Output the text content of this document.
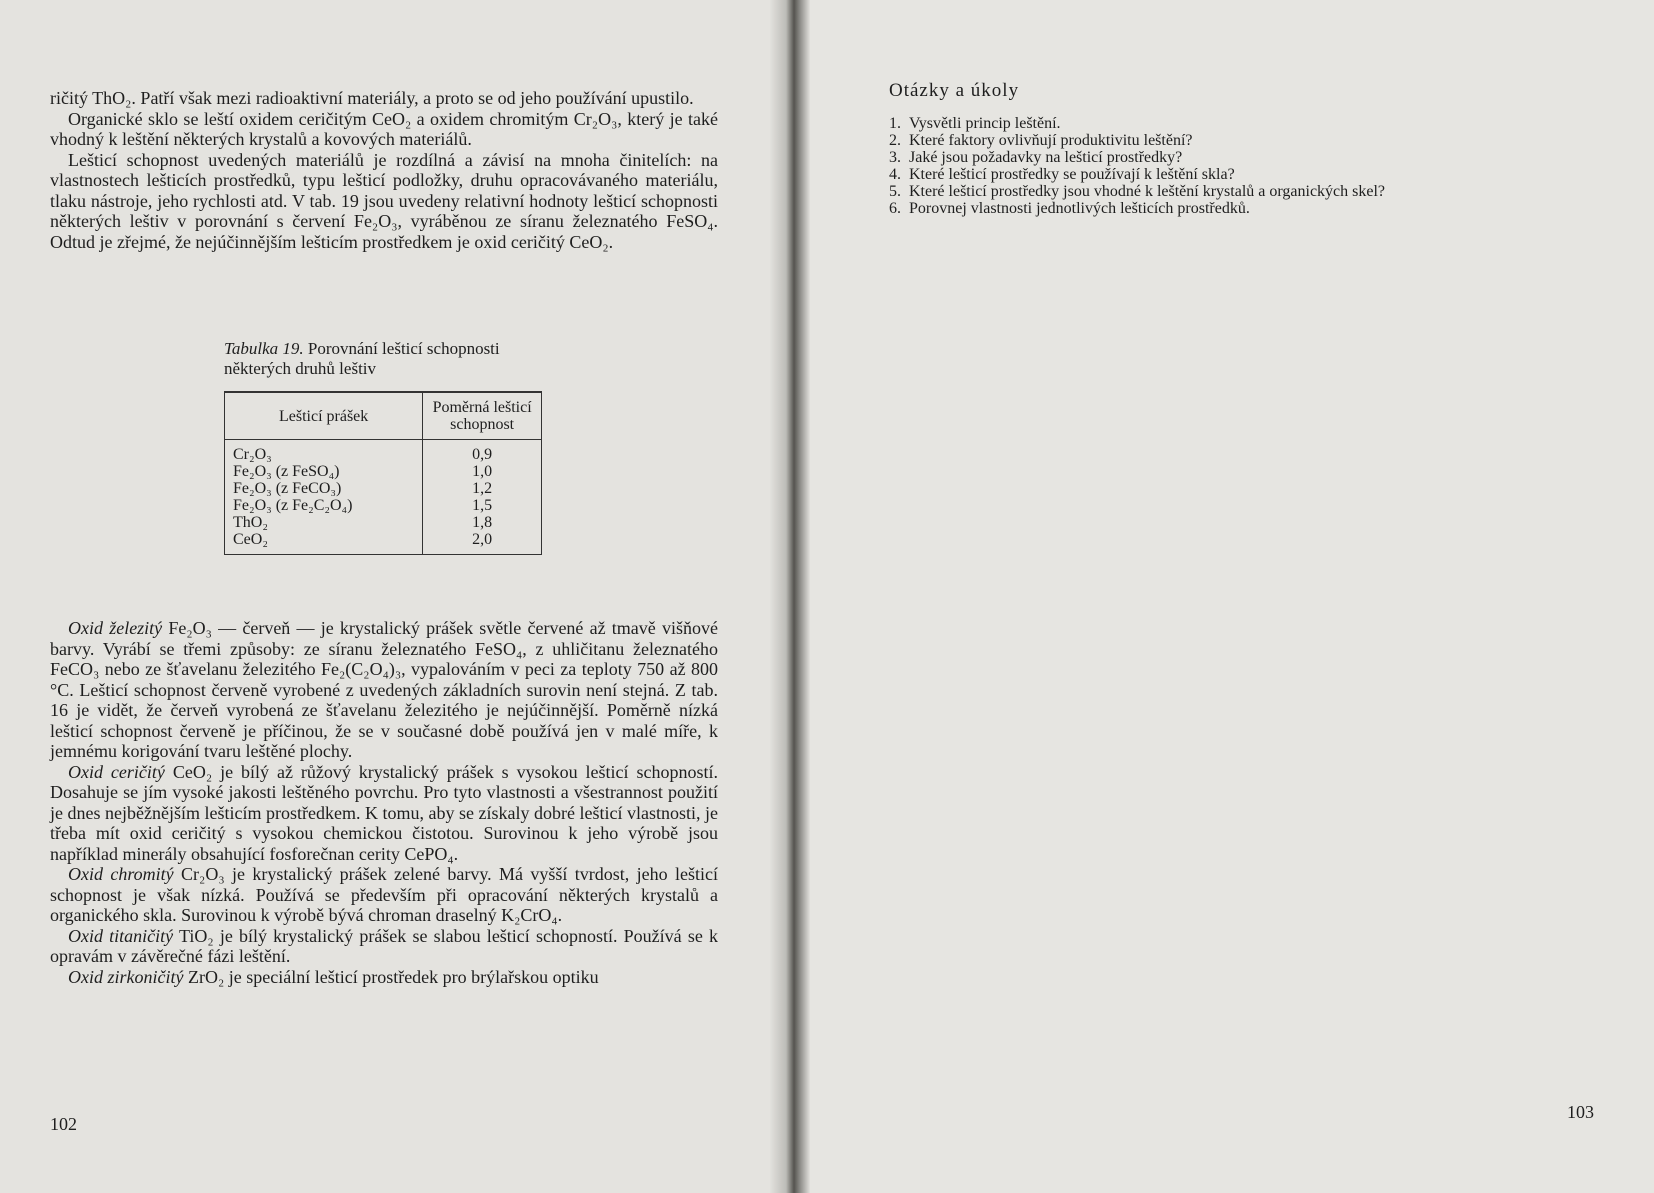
ričitý ThO₂. Patří však mezi radioaktivní materiály, a proto se od jeho používání upustilo.

Organické sklo se leští oxidem ceričitým CeO₂ a oxidem chromitým Cr₂O₃, který je také vhodný k leštění některých krystalů a kovových materiálů.

Lešticí schopnost uvedených materiálů je rozdílná a závisí na mnoha činitelích: na vlastnostech lešticích prostředků, typu lešticí podložky, druhu opracovávaného materiálu, tlaku nástroje, jeho rychlosti atd. V tab. 19 jsou uvedeny relativní hodnoty lešticí schopnosti některých leštiv v porovnání s červení Fe₂O₃, vyráběnou ze síranu železnatého FeSO₄. Odtud je zřejmé, že nejúčinnějším lešticím prostředkem je oxid ceričitý CeO₂.

Tabulka 19. Porovnání lešticí schopnosti některých druhů leštiv
Lešticí prášek	Poměrná lešticí schopnost
Cr₂O₃	0,9
Fe₂O₃ (z FeSO₄)	1,0
Fe₂O₃ (z FeCO₃)	1,2
Fe₂O₃ (z Fe₂C₂O₄)	1,5
ThO₂	1,8
CeO₂	2,0

Oxid železitý Fe₂O₃ — červeň — je krystalický prášek světle červené až tmavě višňové barvy. Vyrábí se třemi způsoby: ze síranu železnatého FeSO₄, z uhličitanu železnatého FeCO₃ nebo ze šťavelanu železitého Fe₂(C₂O₄)₃, vypalováním v peci za teploty 750 až 800 °C. Lešticí schopnost červeně vyrobené z uvedených základních surovin není stejná. Z tab. 16 je vidět, že červeň vyrobená ze šťavelanu železitého je nejúčinnější. Poměrně nízká lešticí schopnost červeně je příčinou, že se v současné době používá jen v malé míře, k jemnému korigování tvaru leštěné plochy.

Oxid ceričitý CeO₂ je bílý až růžový krystalický prášek s vysokou lešticí schopností. Dosahuje se jím vysoké jakosti leštěného povrchu. Pro tyto vlastnosti a všestrannost použití je dnes nejběžnějším lešticím prostředkem. K tomu, aby se získaly dobré lešticí vlastnosti, je třeba mít oxid ceričitý s vysokou chemickou čistotou. Surovinou k jeho výrobě jsou například minerály obsahující fosforečnan cerity CePO₄.

Oxid chromitý Cr₂O₃ je krystalický prášek zelené barvy. Má vyšší tvrdost, jeho lešticí schopnost je však nízká. Používá se především při opracování některých krystalů a organického skla. Surovinou k výrobě bývá chroman draselný K₂CrO₄.

Oxid titaničitý TiO₂ je bílý krystalický prášek se slabou lešticí schopností. Používá se k opravám v závěrečné fázi leštění.

Oxid zirkoničitý ZrO₂ je speciální lešticí prostředek pro brýlařskou optiku

102
Otázky a úkoly
1. Vysvětli princip leštění.
2. Které faktory ovlivňují produktivitu leštění?
3. Jaké jsou požadavky na lešticí prostředky?
4. Které lešticí prostředky se používají k leštění skla?
5. Které lešticí prostředky jsou vhodné k leštění krystalů a organických skel?
6. Porovnej vlastnosti jednotlivých lešticích prostředků.
103
